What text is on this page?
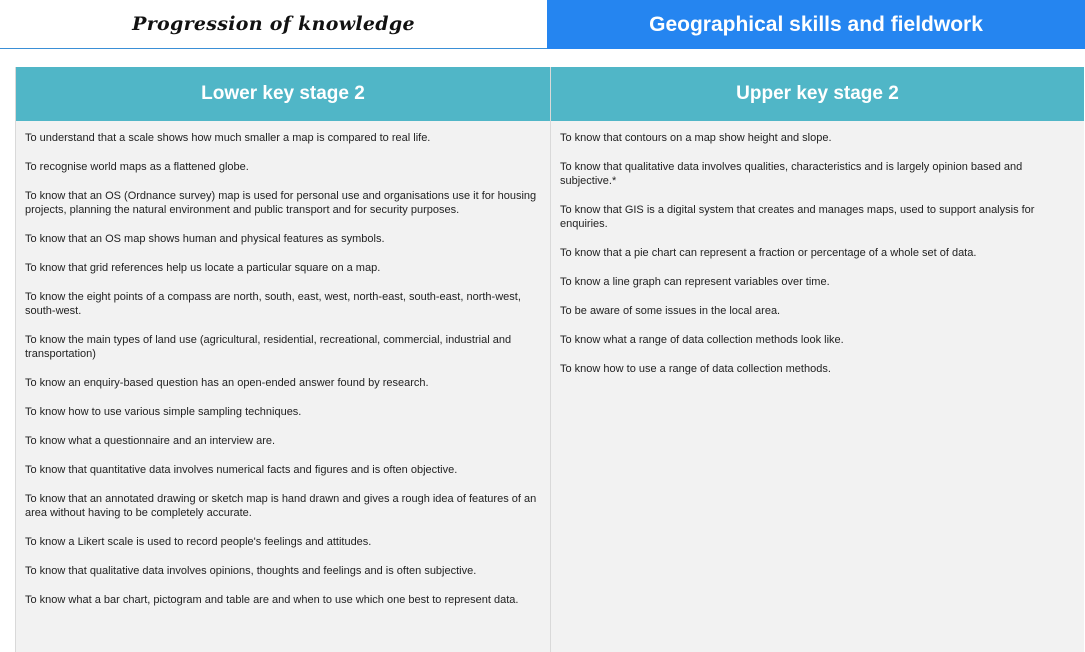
Progression of knowledge	Geographical skills and fieldwork
Lower key stage 2

To understand that a scale shows how much smaller a map is compared to real life.

To recognise world maps as a flattened globe.

To know that an OS (Ordnance survey) map is used for personal use and organisations use it for housing projects, planning the natural environment and public transport and for security purposes.

To know that an OS map shows human and physical features as symbols.

To know that grid references help us locate a particular square on a map.

To know the eight points of a compass are north, south, east, west, north-east, south-east, north-west, south-west.

To know the main types of land use (agricultural, residential, recreational, commercial, industrial and transportation)

To know an enquiry-based question has an open-ended answer found by research.

To know how to use various simple sampling techniques.

To know what a questionnaire and an interview are.

To know that quantitative data involves numerical facts and figures and is often objective.

To know that an annotated drawing or sketch map is hand drawn and gives a rough idea of features of an area without having to be completely accurate.

To know a Likert scale is used to record people's feelings and attitudes.

To know that qualitative data involves opinions, thoughts and feelings and is often subjective.

To know what a bar chart, pictogram and table are and when to use which one best to represent data.

Upper key stage 2

To know that contours on a map show height and slope.

To know that qualitative data involves qualities, characteristics and is largely opinion based and subjective.*

To know that GIS is a digital system that creates and manages maps, used to support analysis for enquiries.

To know that a pie chart can represent a fraction or percentage of a whole set of data.

To know a line graph can represent variables over time.

To be aware of some issues in the local area.

To know what a range of data collection methods look like.

To know how to use a range of data collection methods.
